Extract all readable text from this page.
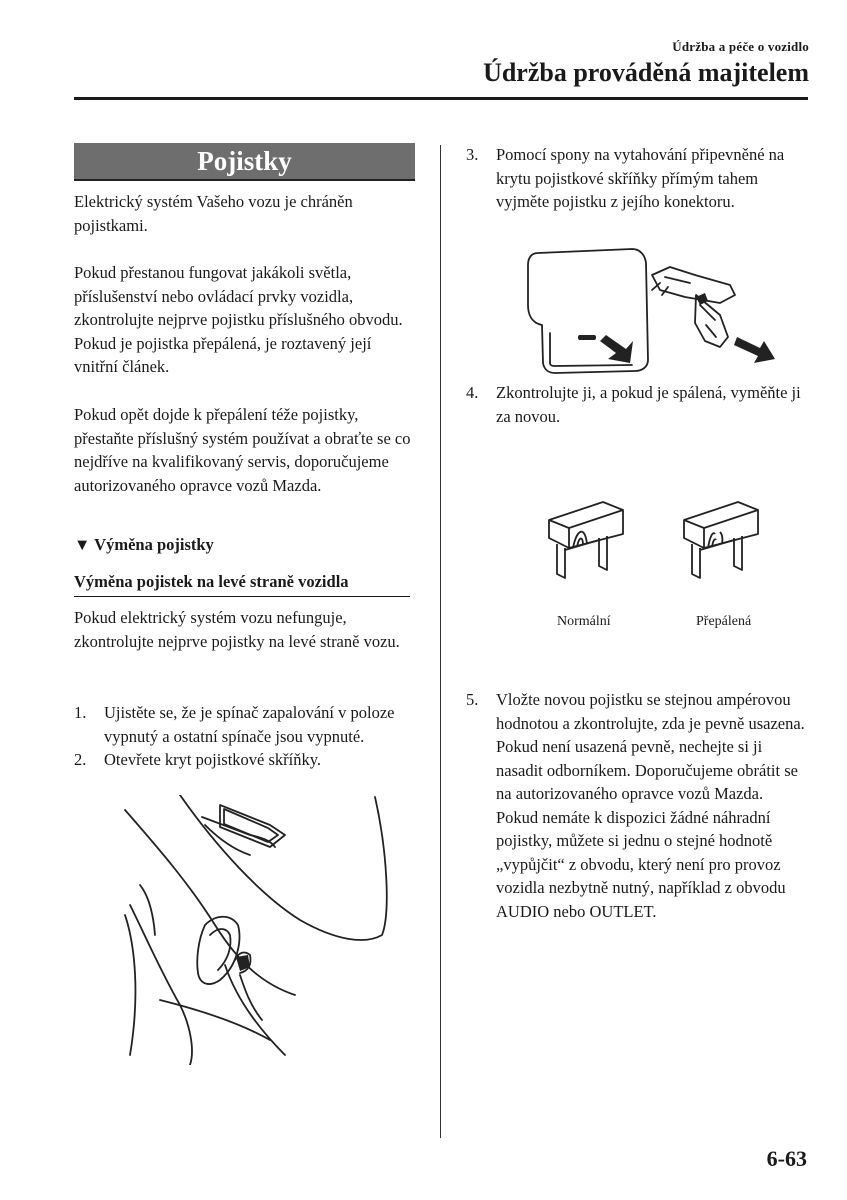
Údržba a péče o vozidlo
Údržba prováděná majitelem
Pojistky
Elektrický systém Vašeho vozu je chráněn pojistkami.
Pokud přestanou fungovat jakákoli světla, příslušenství nebo ovládací prvky vozidla, zkontrolujte nejprve pojistku příslušného obvodu. Pokud je pojistka přepálená, je roztavený její vnitřní článek.
Pokud opět dojde k přepálení téže pojistky, přestaňte příslušný systém používat a obraťte se co nejdříve na kvalifikovaný servis, doporučujeme autorizovaného opravce vozů Mazda.
▼ Výměna pojistky
Výměna pojistek na levé straně vozidla
Pokud elektrický systém vozu nefunguje, zkontrolujte nejprve pojistky na levé straně vozu.
1. Ujistěte se, že je spínač zapalování v poloze vypnutý a ostatní spínače jsou vypnuté.
2. Otevřete kryt pojistkové skříňky.
3. Pomocí spony na vytahování připevněné na krytu pojistkové skříňky přímým tahem vyjměte pojistku z jejího konektoru.
4. Zkontrolujte ji, a pokud je spálená, vyměňte ji za novou.
Normální	Přepálená
5. Vložte novou pojistku se stejnou ampérovou hodnotou a zkontrolujte, zda je pevně usazena. Pokud není usazená pevně, nechejte si ji nasadit odborníkem. Doporučujeme obrátit se na autorizovaného opravce vozů Mazda.
Pokud nemáte k dispozici žádné náhradní pojistky, můžete si jednu o stejné hodnotě „vypůjčit“ z obvodu, který není pro provoz vozidla nezbytně nutný, například z obvodu AUDIO nebo OUTLET.
6-63
